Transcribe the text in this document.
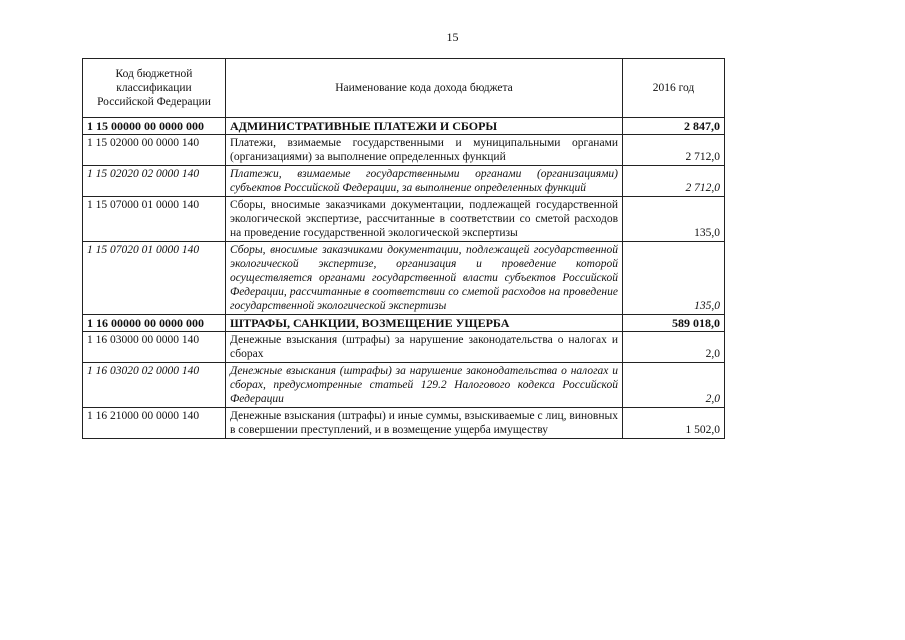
15
Код бюджетной классификации Российской Федерации	Наименование кода дохода бюджета	2016 год
1 15 00000 00 0000 000	АДМИНИСТРАТИВНЫЕ ПЛАТЕЖИ И СБОРЫ	2 847,0
1 15 02000 00 0000 140	Платежи, взимаемые государственными и муниципальными органами (организациями) за выполнение определенных функций	2 712,0
1 15 02020 02 0000 140	Платежи, взимаемые государственными органами (организациями) субъектов Российской Федерации, за выполнение определенных функций	2 712,0
1 15 07000 01 0000 140	Сборы, вносимые заказчиками документации, подлежащей государственной экологической экспертизе, рассчитанные в соответствии со сметой расходов на проведение государственной экологической экспертизы	135,0
1 15 07020 01 0000 140	Сборы, вносимые заказчиками документации, подлежащей государственной экологической экспертизе, организация и проведение которой осуществляется органами государственной власти субъектов Российской Федерации, рассчитанные в соответствии со сметой расходов на проведение государственной экологической экспертизы	135,0
1 16 00000 00 0000 000	ШТРАФЫ, САНКЦИИ, ВОЗМЕЩЕНИЕ УЩЕРБА	589 018,0
1 16 03000 00 0000 140	Денежные взыскания (штрафы) за нарушение законодательства о налогах и сборах	2,0
1 16 03020 02 0000 140	Денежные взыскания (штрафы) за нарушение законодательства о налогах и сборах, предусмотренные статьей 129.2 Налогового кодекса Российской Федерации	2,0
1 16 21000 00 0000 140	Денежные взыскания (штрафы) и иные суммы, взыскиваемые с лиц, виновных в совершении преступлений, и в возмещение ущерба имуществу	1 502,0
